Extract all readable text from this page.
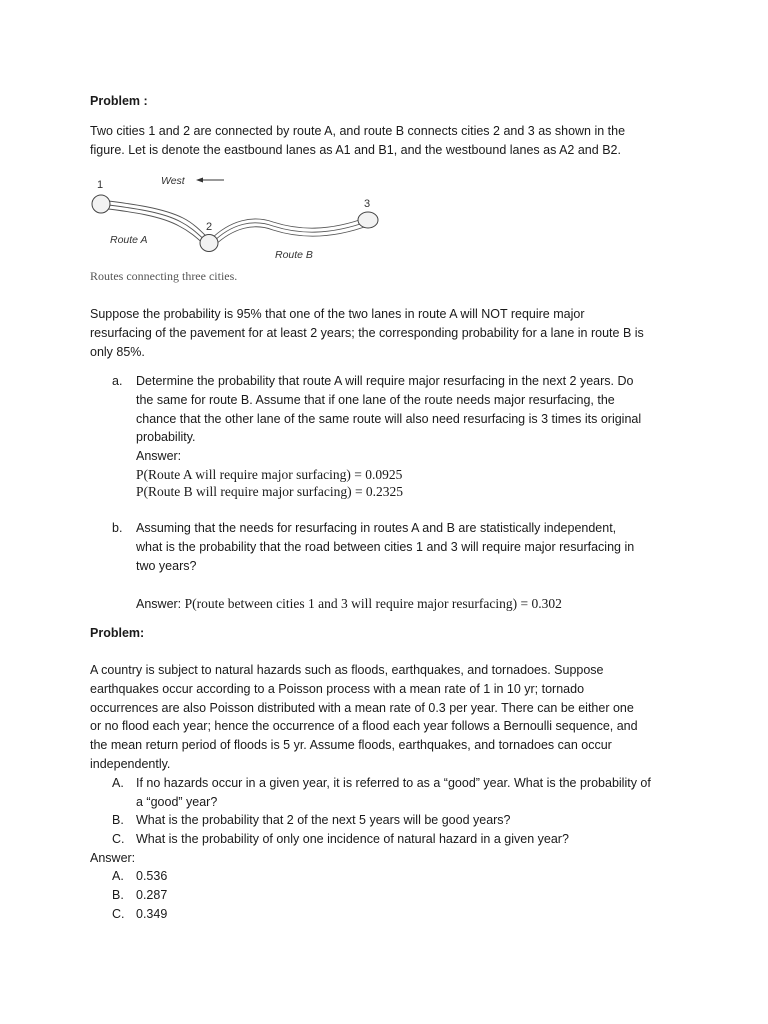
Problem :
Two cities 1 and 2 are connected by route A, and route B connects cities 2 and 3 as shown in the
figure. Let is denote the eastbound lanes as A1 and B1, and the westbound lanes as A2 and B2.
West
1
2
3
Route A
Route B
Routes connecting three cities.
Suppose the probability is 95% that one of the two lanes in route A will NOT require major
resurfacing of the pavement for at least 2 years; the corresponding probability for a lane in route B is
only 85%.
a.	Determine the probability that route A will require major resurfacing in the next 2 years. Do
the same for route B. Assume that if one lane of the route needs major resurfacing, the
chance that the other lane of the same route will also need resurfacing is 3 times its original
probability.
Answer:
P(Route A will require major surfacing) = 0.0925
P(Route B will require major surfacing) = 0.2325
b.	Assuming that the needs for resurfacing in routes A and B are statistically independent,
what is the probability that the road between cities 1 and 3 will require major resurfacing in
two years?
Answer: P(route between cities 1 and 3 will require major resurfacing) = 0.302
Problem:
A country is subject to natural hazards such as floods, earthquakes, and tornadoes. Suppose
earthquakes occur according to a Poisson process with a mean rate of 1 in 10 yr; tornado
occurrences are also Poisson distributed with a mean rate of 0.3 per year. There can be either one
or no flood each year; hence the occurrence of a flood each year follows a Bernoulli sequence, and
the mean return period of floods is 5 yr. Assume floods, earthquakes, and tornadoes can occur
independently.
A. If no hazards occur in a given year, it is referred to as a “good” year. What is the probability of
a “good” year?
B. What is the probability that 2 of the next 5 years will be good years?
C. What is the probability of only one incidence of natural hazard in a given year?
Answer:
A. 0.536
B. 0.287
C. 0.349
